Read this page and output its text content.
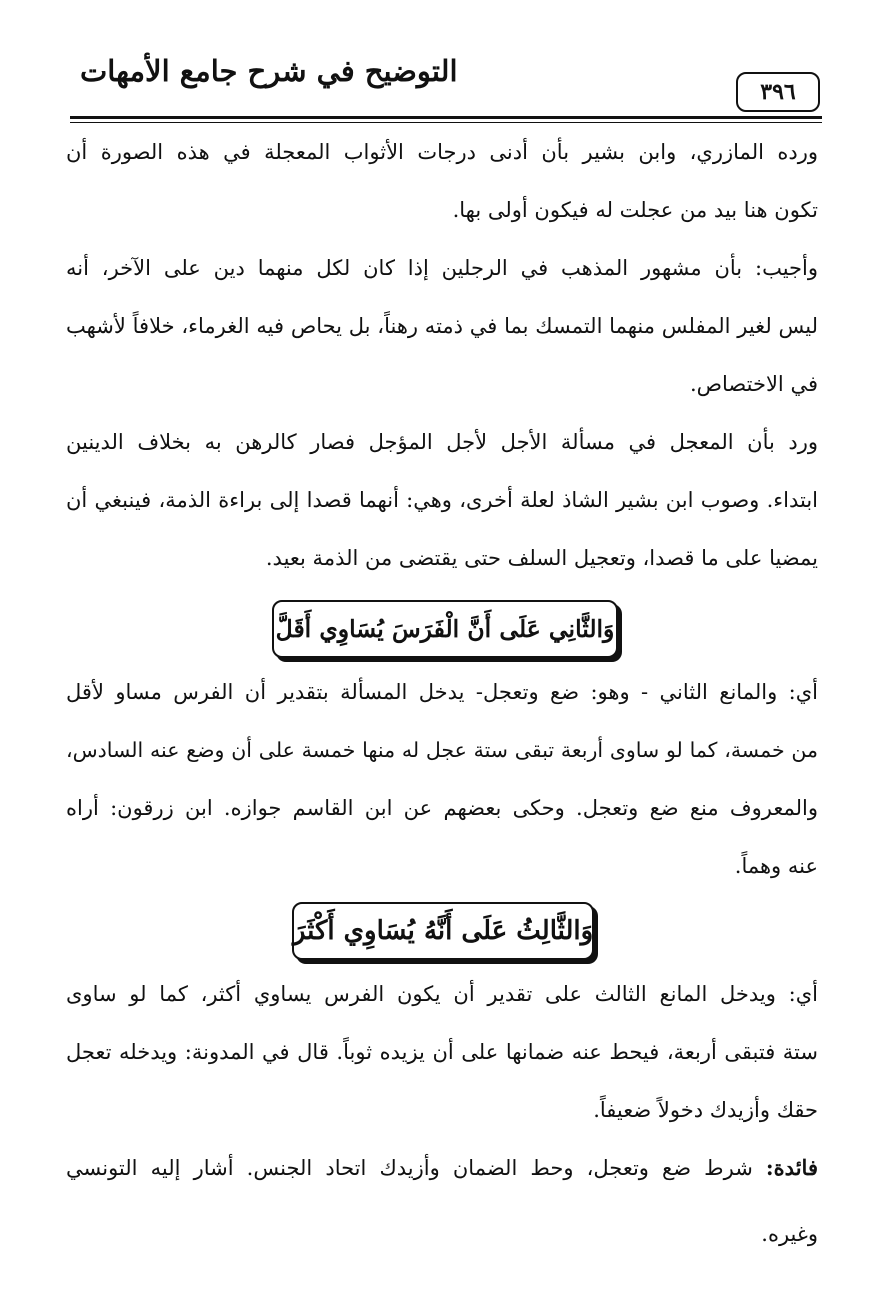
التوضيح في شرح جامع الأمهات
٣٩٦
ورده المازري، وابن بشير بأن أدنى درجات الأثواب المعجلة في هذه الصورة أن
تكون هنا بيد من عجلت له فيكون أولى بها.
وأجيب: بأن مشهور المذهب في الرجلين إذا كان لكل منهما دين على الآخر، أنه
ليس لغير المفلس منهما التمسك بما في ذمته رهناً، بل يحاص فيه الغرماء، خلافاً لأشهب
في الاختصاص.
ورد بأن المعجل في مسألة الأجل لأجل المؤجل فصار كالرهن به بخلاف الدينين
ابتداء. وصوب ابن بشير الشاذ لعلة أخرى، وهي: أنهما قصدا إلى براءة الذمة، فينبغي أن
يمضيا على ما قصدا، وتعجيل السلف حتى يقتضى من الذمة بعيد.
وَالثَّانِي عَلَى أَنَّ الْفَرَسَ يُسَاوِي أَقَلَّ
أي: والمانع الثاني - وهو: ضع وتعجل- يدخل المسألة بتقدير أن الفرس مساو لأقل
من خمسة، كما لو ساوى أربعة تبقى ستة عجل له منها خمسة على أن وضع عنه السادس،
والمعروف منع ضع وتعجل. وحكى بعضهم عن ابن القاسم جوازه. ابن زرقون: أراه
عنه وهماً.
وَالثَّالِثُ عَلَى أَنَّهُ يُسَاوِي أَكْثَرَ
أي: ويدخل المانع الثالث على تقدير أن يكون الفرس يساوي أكثر، كما لو ساوى
ستة فتبقى أربعة، فيحط عنه ضمانها على أن يزيده ثوباً. قال في المدونة: ويدخله تعجل
حقك وأزيدك دخولاً ضعيفاً.
فائدة: شرط ضع وتعجل، وحط الضمان وأزيدك اتحاد الجنس. أشار إليه التونسي
وغيره.
